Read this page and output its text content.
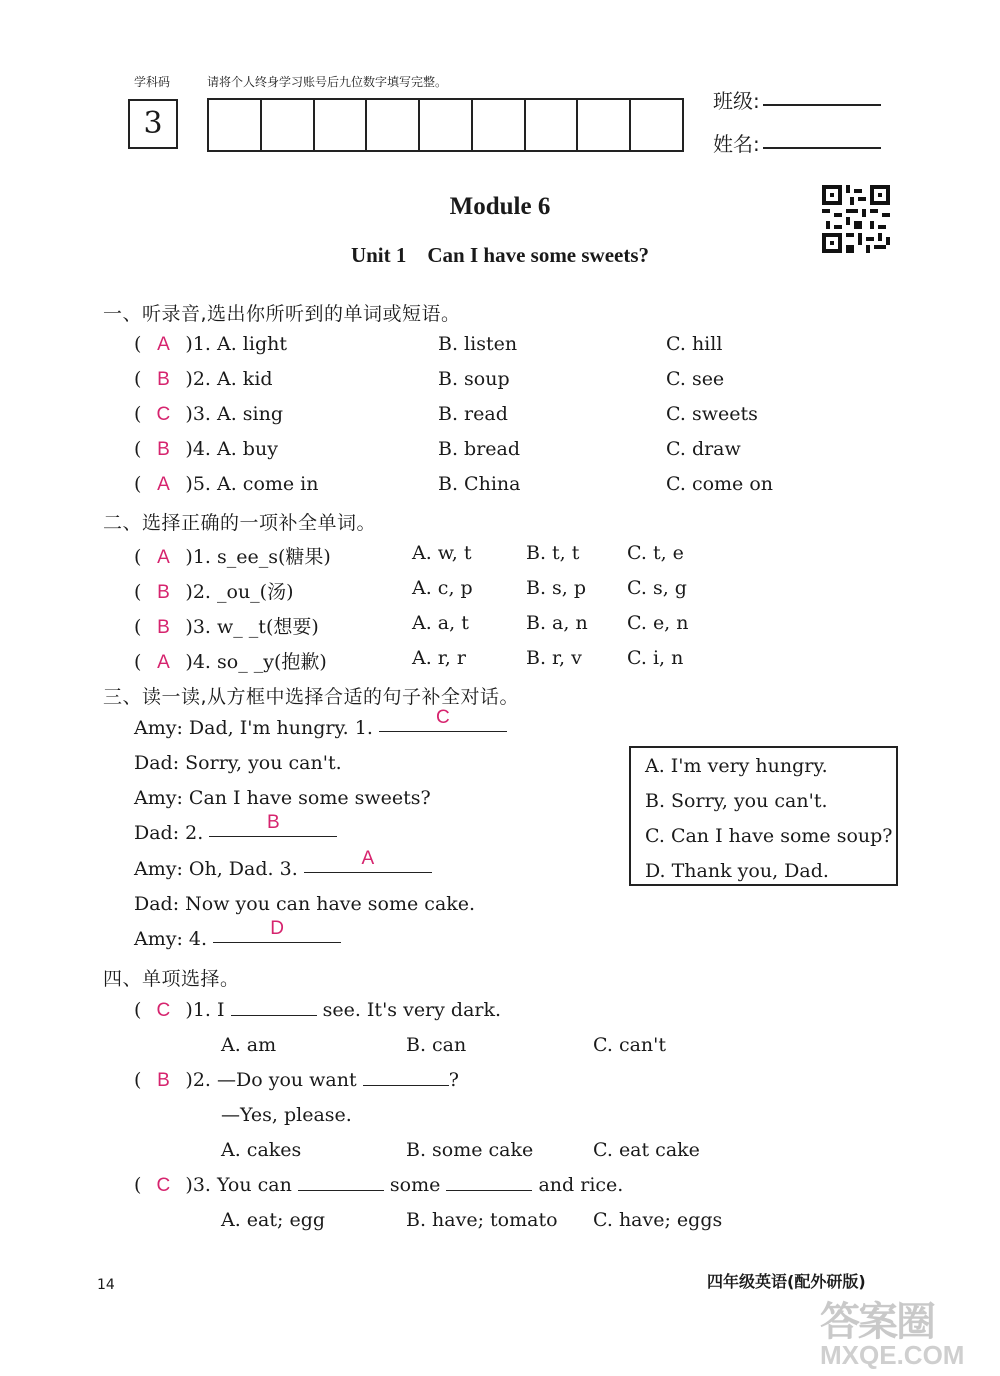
学科码	请将个人终身学习账号后九位数字填写完整。
3
班级:
姓名:
Module 6
Unit 1    Can I have some sweets?
一、听录音,选出你所听到的单词或短语。
( A )1. A. light	B. listen	C. hill
( B )2. A. kid	B. soup	C. see
( C )3. A. sing	B. read	C. sweets
( B )4. A. buy	B. bread	C. draw
( A )5. A. come in	B. China	C. come on
二、选择正确的一项补全单词。
( A )1. s_ee_s(糖果)	A. w, t	B. t, t	C. t, e
( B )2. _ou_(汤)	A. c, p	B. s, p C. s, g
( B )3. w_ _t(想要)	A. a, t	B. a, n C. e, n
( A )4. so_ _y(抱歉)	A. r, r	B. r, v C. i, n
三、读一读,从方框中选择合适的句子补全对话。
Amy: Dad, I'm hungry. 1.	C
Dad: Sorry, you can't.
Amy: Can I have some sweets?
Dad: 2.	B
Amy: Oh, Dad. 3.	A
Dad: Now you can have some cake.
Amy: 4.	D
A. I'm very hungry.
B. Sorry, you can't.
C. Can I have some soup?
D. Thank you, Dad.
四、单项选择。
( C )1. I	see. It's very dark.
A. am	B. can	C. can't
( B )2. —Do you want	?
—Yes, please.
A. cakes	B. some cake	C. eat cake
( C )3. You can	some	and rice.
A. eat; egg	B. have; tomato C. have; eggs
14	四年级英语(配外研版)
答案圈
MXQE.COM
